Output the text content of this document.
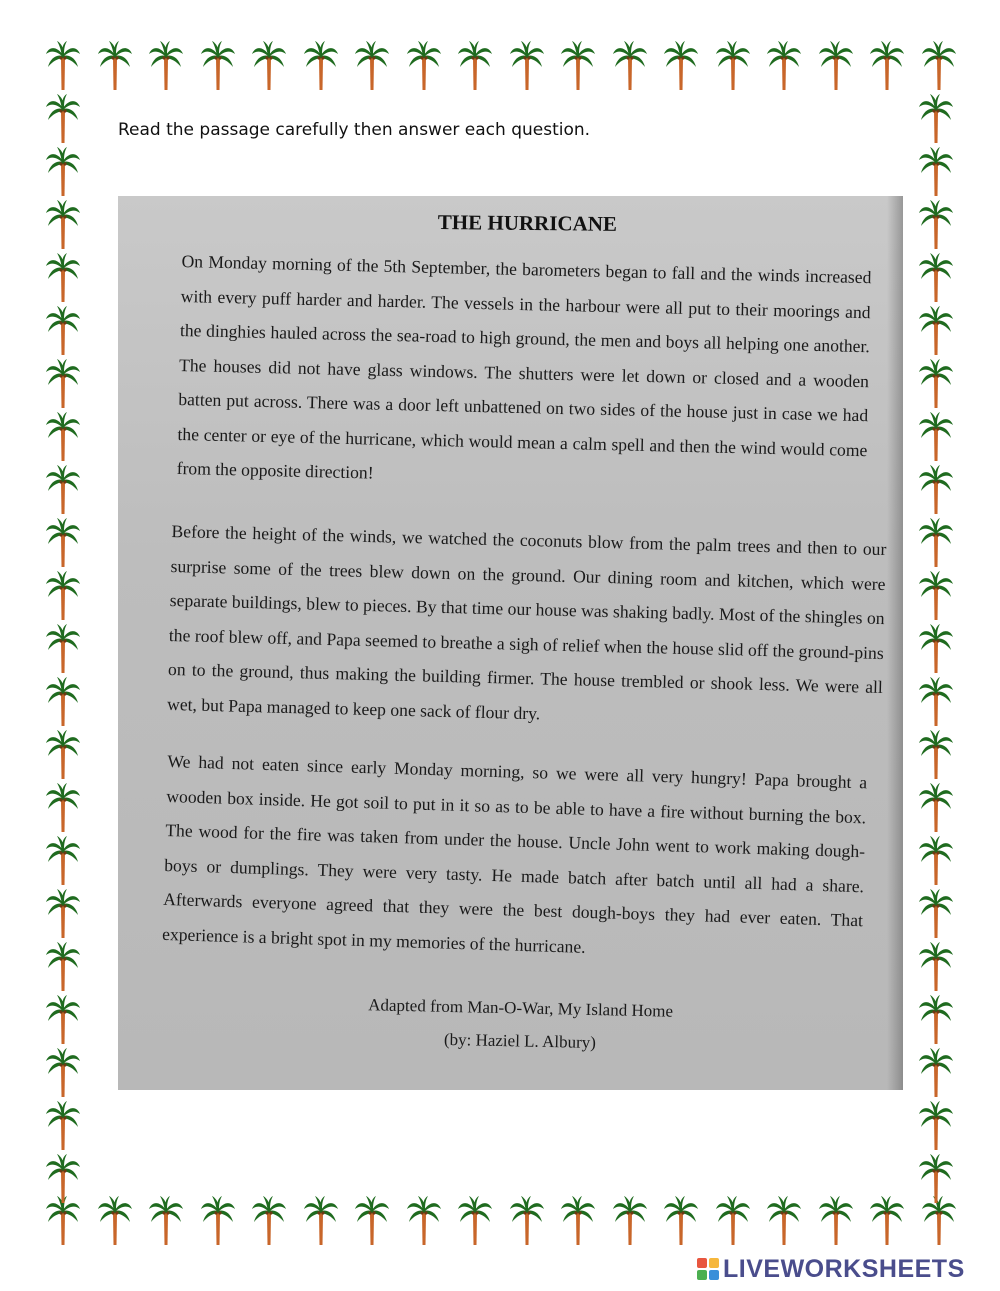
Read the passage carefully then answer each question.
THE HURRICANE

On Monday morning of the 5th September, the barometers began to fall and the winds increased with every puff harder and harder. The vessels in the harbour were all put to their moorings and the dinghies hauled across the sea-road to high ground, the men and boys all helping one another. The houses did not have glass windows. The shutters were let down or closed and a wooden batten put across. There was a door left unbattened on two sides of the house just in case we had the center or eye of the hurricane, which would mean a calm spell and then the wind would come from the opposite direction!

Before the height of the winds, we watched the coconuts blow from the palm trees and then to our surprise some of the trees blew down on the ground. Our dining room and kitchen, which were separate buildings, blew to pieces. By that time our house was shaking badly. Most of the shingles on the roof blew off, and Papa seemed to breathe a sigh of relief when the house slid off the ground-pins on to the ground, thus making the building firmer. The house trembled or shook less. We were all wet, but Papa managed to keep one sack of flour dry.

We had not eaten since early Monday morning, so we were all very hungry! Papa brought a wooden box inside. He got soil to put in it so as to be able to have a fire without burning the box. The wood for the fire was taken from under the house. Uncle John went to work making dough-boys or dumplings. They were very tasty. He made batch after batch until all had a share. Afterwards everyone agreed that they were the best dough-boys they had ever eaten. That experience is a bright spot in my memories of the hurricane.

Adapted from Man-O-War, My Island Home
(by: Haziel L. Albury)
LIVEWORKSHEETS
